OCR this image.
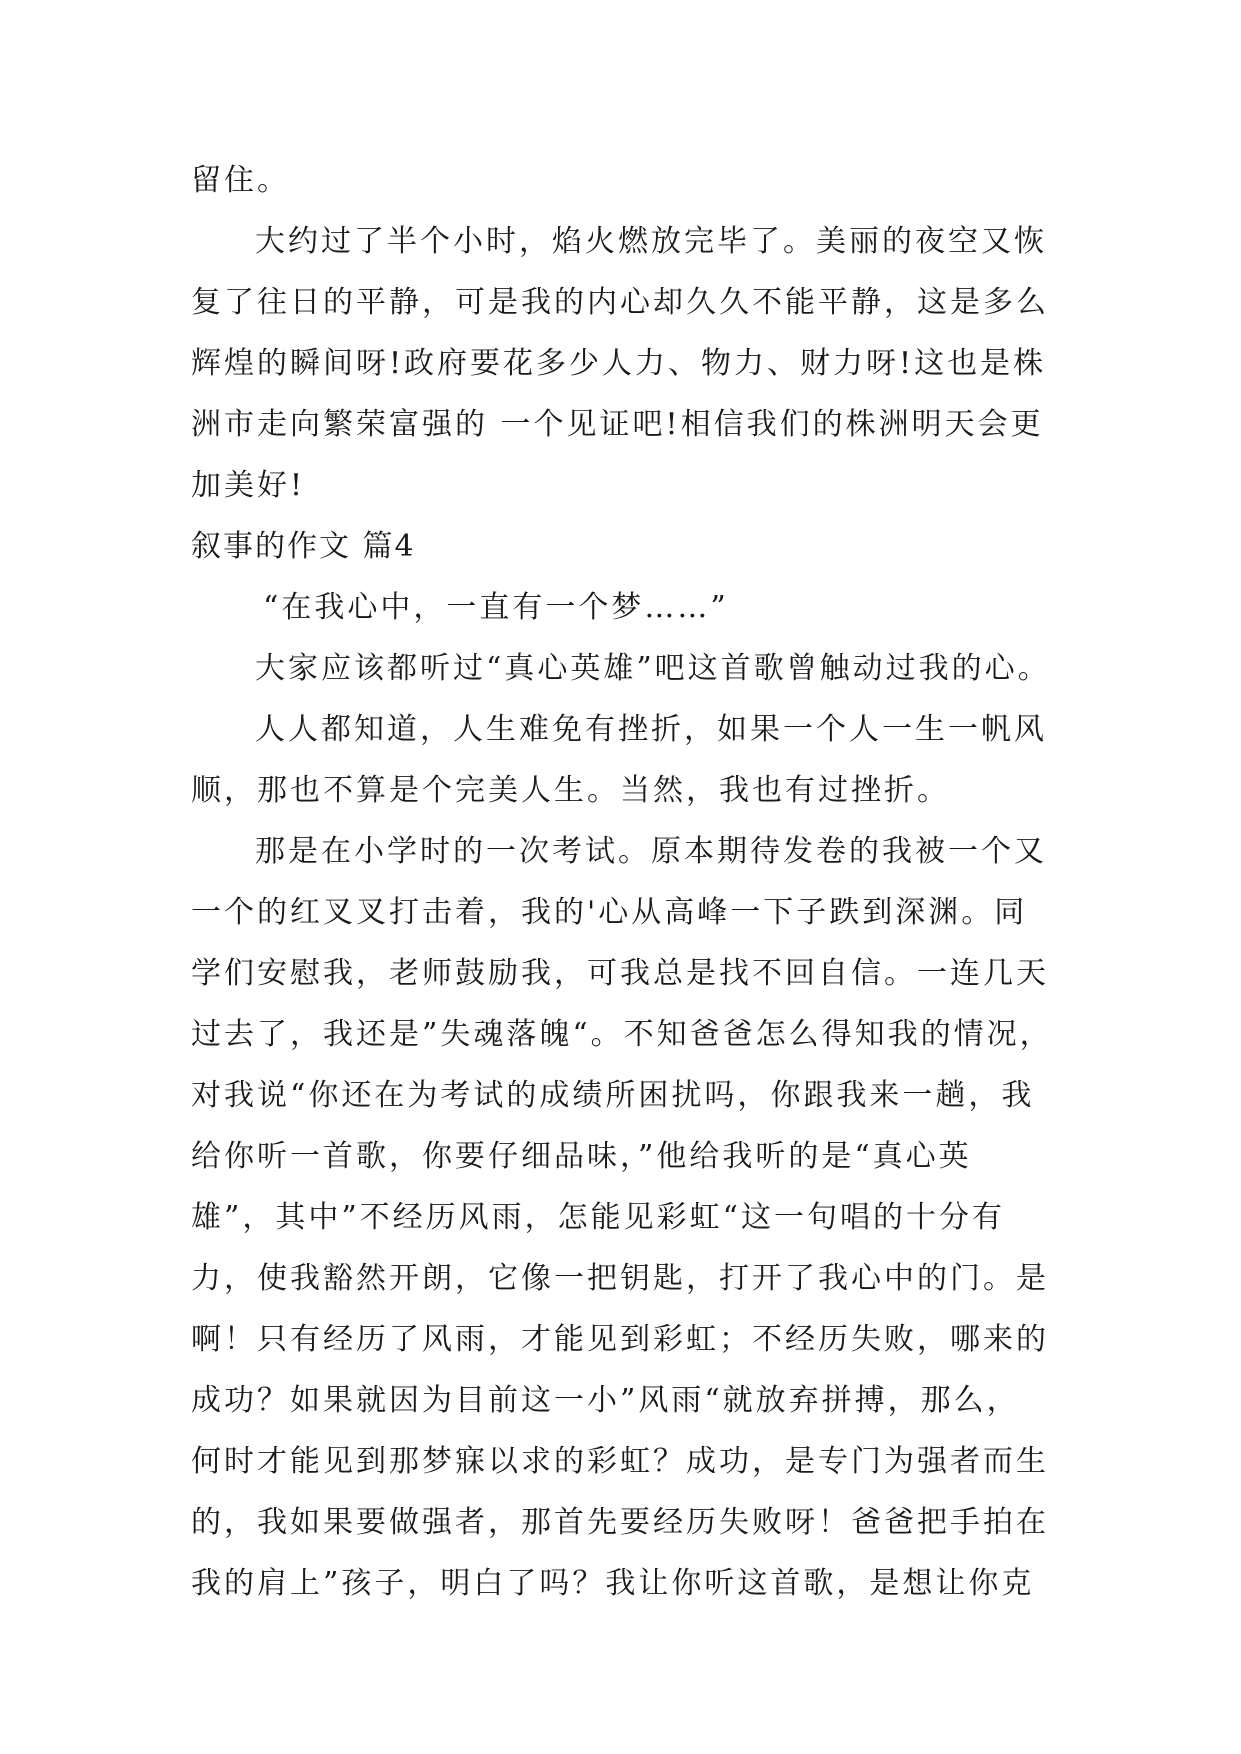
留住。
大约过了半个小时，焰火燃放完毕了。美丽的夜空又恢
复了往日的平静，可是我的内心却久久不能平静，这是多么
辉煌的瞬间呀!政府要花多少人力、物力、财力呀!这也是株
洲市走向繁荣富强的 一个见证吧!相信我们的株洲明天会更
加美好!
叙事的作文 篇4
“在我心中，一直有一个梦……”
大家应该都听过“真心英雄”吧这首歌曾触动过我的心。
人人都知道，人生难免有挫折，如果一个人一生一帆风
顺，那也不算是个完美人生。当然，我也有过挫折。
那是在小学时的一次考试。原本期待发卷的我被一个又
一个的红叉叉打击着，我的'心从高峰一下子跌到深渊。同
学们安慰我，老师鼓励我，可我总是找不回自信。一连几天
过去了，我还是”失魂落魄“。不知爸爸怎么得知我的情况，
对我说“你还在为考试的成绩所困扰吗，你跟我来一趟，我
给你听一首歌，你要仔细品味，”他给我听的是“真心英
雄”，其中”不经历风雨，怎能见彩虹“这一句唱的十分有
力，使我豁然开朗，它像一把钥匙，打开了我心中的门。是
啊！只有经历了风雨，才能见到彩虹；不经历失败，哪来的
成功？如果就因为目前这一小”风雨“就放弃拼搏，那么，
何时才能见到那梦寐以求的彩虹？成功，是专门为强者而生
的，我如果要做强者，那首先要经历失败呀！爸爸把手拍在
我的肩上”孩子，明白了吗？我让你听这首歌，是想让你克
